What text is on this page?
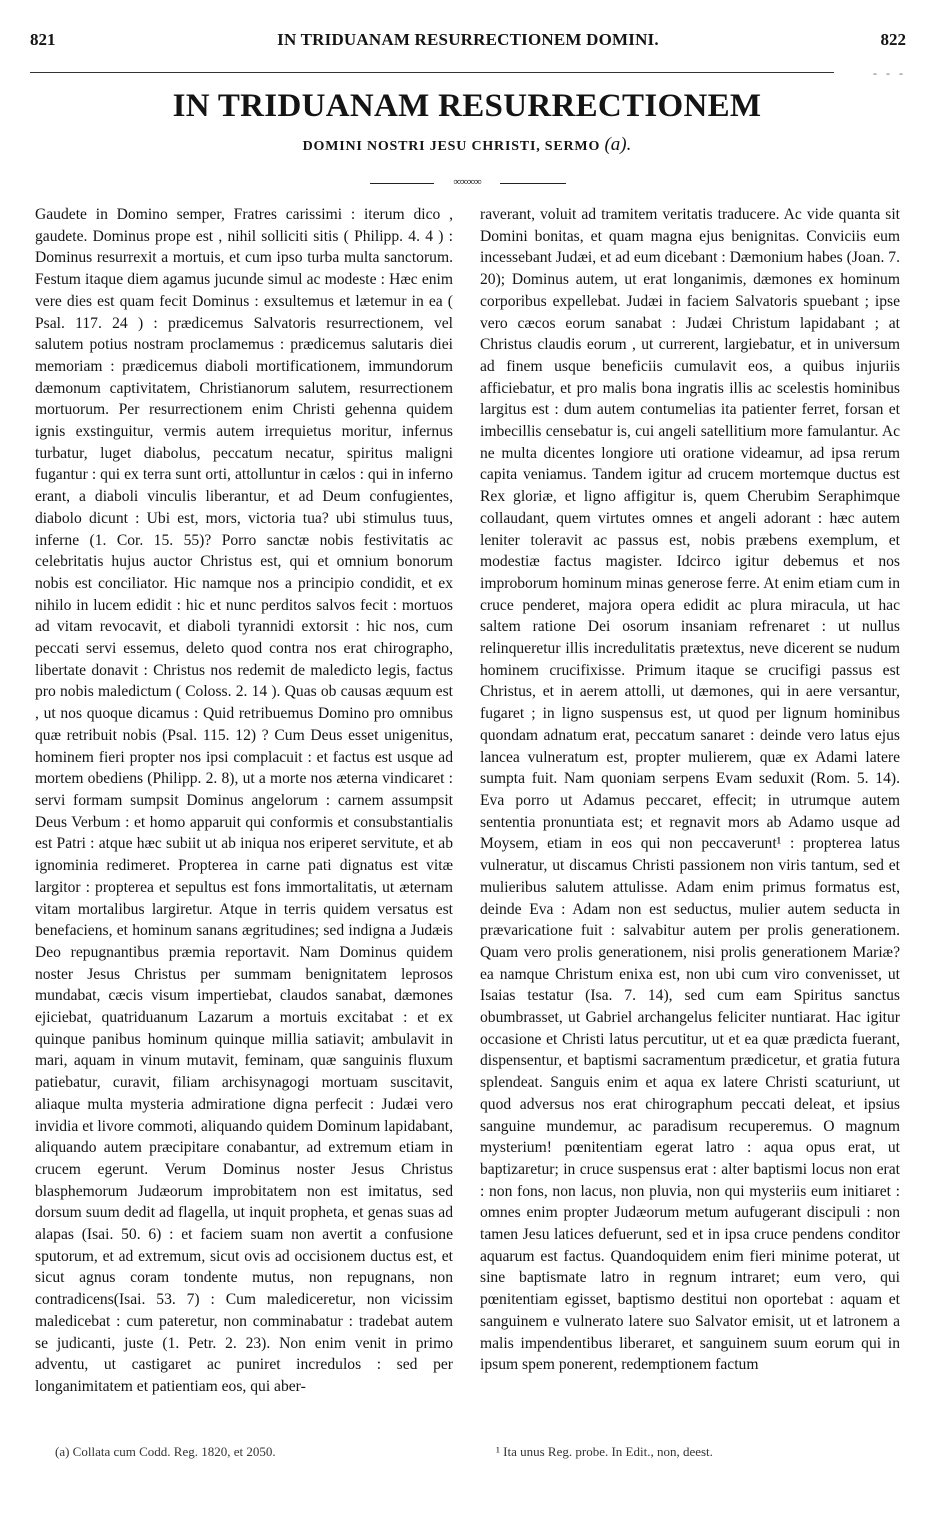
821	IN TRIDUANAM RESURRECTIONEM DOMINI.	822
- - -
IN TRIDUANAM RESURRECTIONEM
DOMINI NOSTRI JESU CHRISTI, SERMO (a).
∞∞∞∞

Gaudete in Domino semper, Fratres carissimi : iterum dico , gaudete. Dominus prope est , nihil solliciti sitis ( Philipp. 4. 4 ) : Dominus resurrexit a mortuis, et cum ipso turba multa sanctorum. Festum itaque diem agamus jucunde simul ac modeste : Hæc enim vere dies est quam fecit Dominus : exsultemus et lætemur in ea ( Psal. 117. 24 ) : prædicemus Salvatoris resurrectionem, vel salutem potius nostram proclamemus : prædicemus salutaris diei memoriam : prædicemus diaboli mortificationem, immundorum dæmonum captivitatem, Christianorum salutem, resurrectionem mortuorum. Per resurrectionem enim Christi gehenna quidem ignis exstinguitur, vermis autem irrequietus moritur, infernus turbatur, luget diabolus, peccatum necatur, spiritus maligni fugantur : qui ex terra sunt orti, attolluntur in cælos : qui in inferno erant, a diaboli vinculis liberantur, et ad Deum confugientes, diabolo dicunt : Ubi est, mors, victoria tua? ubi stimulus tuus, inferne (1. Cor. 15. 55)? Porro sanctæ nobis festivitatis ac celebritatis hujus auctor Christus est, qui et omnium bonorum nobis est conciliator. Hic namque nos a principio condidit, et ex nihilo in lucem edidit : hic et nunc perditos salvos fecit : mortuos ad vitam revocavit, et diaboli tyrannidi extorsit : hic nos, cum peccati servi essemus, deleto quod contra nos erat chirographo, libertate donavit : Christus nos redemit de maledicto legis, factus pro nobis maledictum ( Coloss. 2. 14 ). Quas ob causas æquum est , ut nos quoque dicamus : Quid retribuemus Domino pro omnibus quæ retribuit nobis (Psal. 115. 12) ? Cum Deus esset unigenitus, hominem fieri propter nos ipsi complacuit : et factus est usque ad mortem obediens (Philipp. 2. 8), ut a morte nos æterna vindicaret : servi formam sumpsit Dominus angelorum : carnem assumpsit Deus Verbum : et homo apparuit qui conformis et consubstantialis est Patri : atque hæc subiit ut ab iniqua nos eriperet servitute, et ab ignominia redimeret. Propterea in carne pati dignatus est vitæ largitor : propterea et sepultus est fons immortalitatis, ut æternam vitam mortalibus largiretur. Atque in terris quidem versatus est benefaciens, et hominum sanans ægritudines; sed indigna a Judæis Deo repugnantibus præmia reportavit. Nam Dominus quidem noster Jesus Christus per summam benignitatem leprosos mundabat, cæcis visum impertiebat, claudos sanabat, dæmones ejiciebat, quatriduanum Lazarum a mortuis excitabat : et ex quinque panibus hominum quinque millia satiavit; ambulavit in mari, aquam in vinum mutavit, feminam, quæ sanguinis fluxum patiebatur, curavit, filiam archisynagogi mortuam suscitavit, aliaque multa mysteria admiratione digna perfecit : Judæi vero invidia et livore commoti, aliquando quidem Dominum lapidabant, aliquando autem præcipitare conabantur, ad extremum etiam in crucem egerunt. Verum Dominus noster Jesus Christus blasphemorum Judæorum improbitatem non est imitatus, sed dorsum suum dedit ad flagella, ut inquit propheta, et genas suas ad alapas (Isai. 50. 6) : et faciem suam non avertit a confusione sputorum, et ad extremum, sicut ovis ad occisionem ductus est, et sicut agnus coram tondente mutus, non repugnans, non contradicens(Isai. 53. 7) : Cum malediceretur, non vicissim maledicebat : cum pateretur, non comminabatur : tradebat autem se judicanti, juste (1. Petr. 2. 23). Non enim venit in primo adventu, ut castigaret ac puniret incredulos : sed per longanimitatem et patientiam eos, qui aber-

raverant, voluit ad tramitem veritatis traducere. Ac vide quanta sit Domini bonitas, et quam magna ejus benignitas. Conviciis eum incessebant Judæi, et ad eum dicebant : Dæmonium habes (Joan. 7. 20); Dominus autem, ut erat longanimis, dæmones ex hominum corporibus expellebat. Judæi in faciem Salvatoris spuebant ; ipse vero cæcos eorum sanabat : Judæi Christum lapidabant ; at Christus claudis eorum , ut currerent, largiebatur, et in universum ad finem usque beneficiis cumulavit eos, a quibus injuriis afficiebatur, et pro malis bona ingratis illis ac scelestis hominibus largitus est : dum autem contumelias ita patienter ferret, forsan et imbecillis censebatur is, cui angeli satellitium more famulantur. Ac ne multa dicentes longiore uti oratione videamur, ad ipsa rerum capita veniamus. Tandem igitur ad crucem mortemque ductus est Rex gloriæ, et ligno affigitur is, quem Cherubim Seraphimque collaudant, quem virtutes omnes et angeli adorant : hæc autem leniter toleravit ac passus est, nobis præbens exemplum, et modestiæ factus magister. Idcirco igitur debemus et nos improborum hominum minas generose ferre. At enim etiam cum in cruce penderet, majora opera edidit ac plura miracula, ut hac saltem ratione Dei osorum insaniam refrenaret : ut nullus relinqueretur illis incredulitatis prætextus, neve dicerent se nudum hominem crucifixisse. Primum itaque se crucifigi passus est Christus, et in aerem attolli, ut dæmones, qui in aere versantur, fugaret ; in ligno suspensus est, ut quod per lignum hominibus quondam adnatum erat, peccatum sanaret : deinde vero latus ejus lancea vulneratum est, propter mulierem, quæ ex Adami latere sumpta fuit. Nam quoniam serpens Evam seduxit (Rom. 5. 14). Eva porro ut Adamus peccaret, effecit; in utrumque autem sententia pronuntiata est; et regnavit mors ab Adamo usque ad Moysem, etiam in eos qui non peccaverunt¹ : propterea latus vulneratur, ut discamus Christi passionem non viris tantum, sed et mulieribus salutem attulisse. Adam enim primus formatus est, deinde Eva : Adam non est seductus, mulier autem seducta in prævaricatione fuit : salvabitur autem per prolis generationem. Quam vero prolis generationem, nisi prolis generationem Mariæ? ea namque Christum enixa est, non ubi cum viro convenisset, ut Isaias testatur (Isa. 7. 14), sed cum eam Spiritus sanctus obumbrasset, ut Gabriel archangelus feliciter nuntiarat. Hac igitur occasione et Christi latus percutitur, ut et ea quæ prædicta fuerant, dispensentur, et baptismi sacramentum prædicetur, et gratia futura splendeat. Sanguis enim et aqua ex latere Christi scaturiunt, ut quod adversus nos erat chirographum peccati deleat, et ipsius sanguine mundemur, ac paradisum recuperemus. O magnum mysterium! pœnitentiam egerat latro : aqua opus erat, ut baptizaretur; in cruce suspensus erat : alter baptismi locus non erat : non fons, non lacus, non pluvia, non qui mysteriis eum initiaret : omnes enim propter Judæorum metum aufugerant discipuli : non tamen Jesu latices defuerunt, sed et in ipsa cruce pendens conditor aquarum est factus. Quandoquidem enim fieri minime poterat, ut sine baptismate latro in regnum intraret; eum vero, qui pœnitentiam egisset, baptismo destitui non oportebat : aquam et sanguinem e vulnerato latere suo Salvator emisit, ut et latronem a malis impendentibus liberaret, et sanguinem suum eorum qui in ipsum spem ponerent, redemptionem factum

(a) Collata cum Codd. Reg. 1820, et 2050.	¹ Ita unus Reg. probe. In Edit., non, deest.
